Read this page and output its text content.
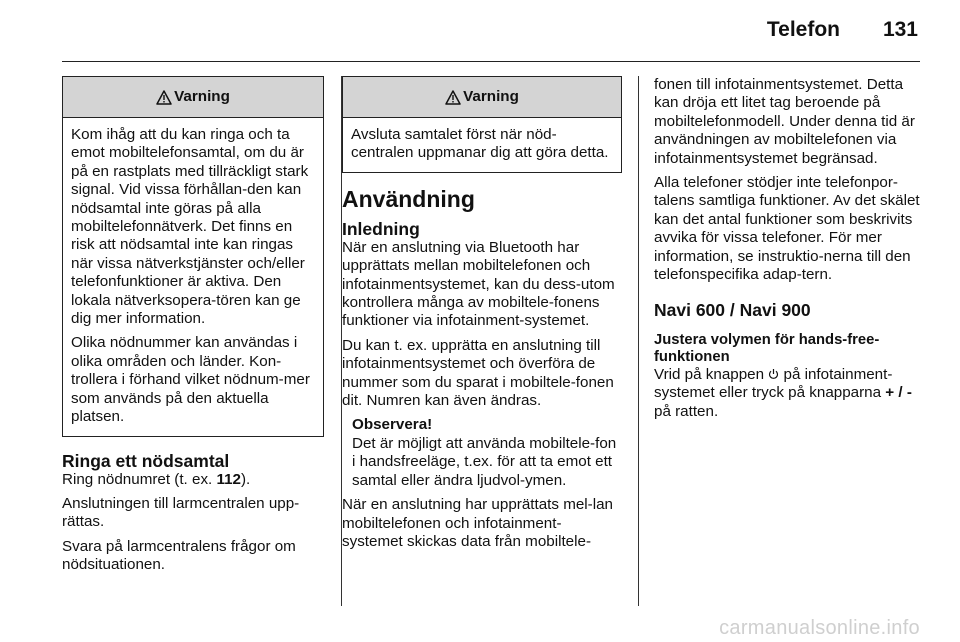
Telefon 131
Varning

Kom ihåg att du kan ringa och ta emot mobiltelefonsamtal, om du är på en rastplats med tillräckligt stark signal. Vid vissa förhållan-den kan nödsamtal inte göras på alla mobiltelefonnätverk. Det finns en risk att nödsamtal inte kan ringas när vissa nätverkstjänster och/eller telefonfunktioner är aktiva. Den lokala nätverksopera-tören kan ge dig mer information.

Olika nödnummer kan användas i olika områden och länder. Kon-trollera i förhand vilket nödnum-mer som används på den aktuella platsen.

Ringa ett nödsamtal

Ring nödnumret (t. ex. 112).

Anslutningen till larmcentralen upp-rättas.

Svara på larmcentralens frågor om nödsituationen.

Varning

Avsluta samtalet först när nöd-centralen uppmanar dig att göra detta.

Användning
Inledning

När en anslutning via Bluetooth har upprättats mellan mobiltelefonen och infotainmentsystemet, kan du dess-utom kontrollera många av mobiltele-fonens funktioner via infotainment-systemet.

Du kan t. ex. upprätta en anslutning till infotainmentsystemet och överföra de nummer som du sparat i mobiltele-fonen dit. Numren kan även ändras.

Observera!
Det är möjligt att använda mobiltele-fon i handsfreeläge, t.ex. för att ta emot ett samtal eller ändra ljudvol-ymen.

När en anslutning har upprättats mel-lan mobiltelefonen och infotainment-systemet skickas data från mobiltele-

fonen till infotainmentsystemet. Detta kan dröja ett litet tag beroende på mobiltelefonmodell. Under denna tid är användningen av mobiltelefonen via infotainmentsystemet begränsad.

Alla telefoner stödjer inte telefonpor-talens samtliga funktioner. Av det skälet kan det antal funktioner som beskrivits avvika för vissa telefoner. För mer information, se instruktio-nerna till den telefonspecifika adap-tern.

Navi 600 / Navi 900
Justera volymen för hands-free-funktionen

Vrid på knappen  på infotainment-systemet eller tryck på knapparna + / - på ratten.

carmanualsonline.info
